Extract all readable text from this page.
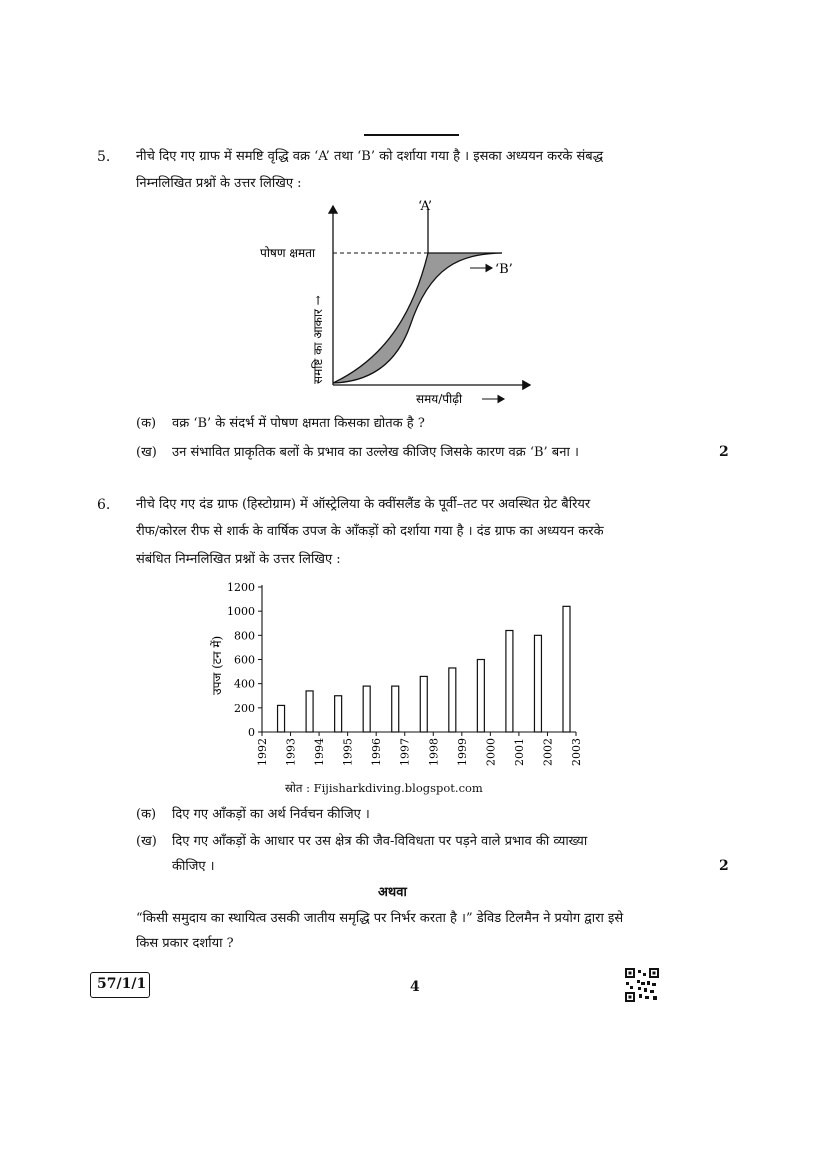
5. नीचे दिए गए ग्राफ में समष्टि वृद्धि वक्र ‘A’ तथा ‘B’ को दर्शाया गया है । इसका अध्ययन करके संबद्ध
निम्नलिखित प्रश्नों के उत्तर लिखिए :
‘A’
‘B’
पोषण क्षमता
समष्टि का आकार →
समय/पीढ़ी
(क) वक्र ‘B’ के संदर्भ में पोषण क्षमता किसका द्योतक है ?
(ख) उन संभावित प्राकृतिक बलों के प्रभाव का उल्लेख कीजिए जिसके कारण वक्र ‘B’ बना ।	2
6. नीचे दिए गए दंड ग्राफ (हिस्टोग्राम) में ऑस्ट्रेलिया के क्वींसलैंड के पूर्वी–तट पर अवस्थित ग्रेट बैरियर
रीफ/कोरल रीफ से शार्क के वार्षिक उपज के आँकड़ों को दर्शाया गया है । दंड ग्राफ का अध्ययन करके
संबंधित निम्नलिखित प्रश्नों के उत्तर लिखिए :
उपज (टन में)
0
200
400
600
800
1000
1200
1992 1993 1994 1995 1996 1997 1998 1999 2000 2001 2002 2003
स्रोत : Fijisharkdiving.blogspot.com
(क) दिए गए आँकड़ों का अर्थ निर्वचन कीजिए ।
(ख) दिए गए आँकड़ों के आधार पर उस क्षेत्र की जैव-विविधता पर पड़ने वाले प्रभाव की व्याख्या
कीजिए ।	2
अथवा
“किसी समुदाय का स्थायित्व उसकी जातीय समृद्धि पर निर्भर करता है ।” डेविड टिलमैन ने प्रयोग द्वारा इसे
किस प्रकार दर्शाया ?
57/1/1	4
